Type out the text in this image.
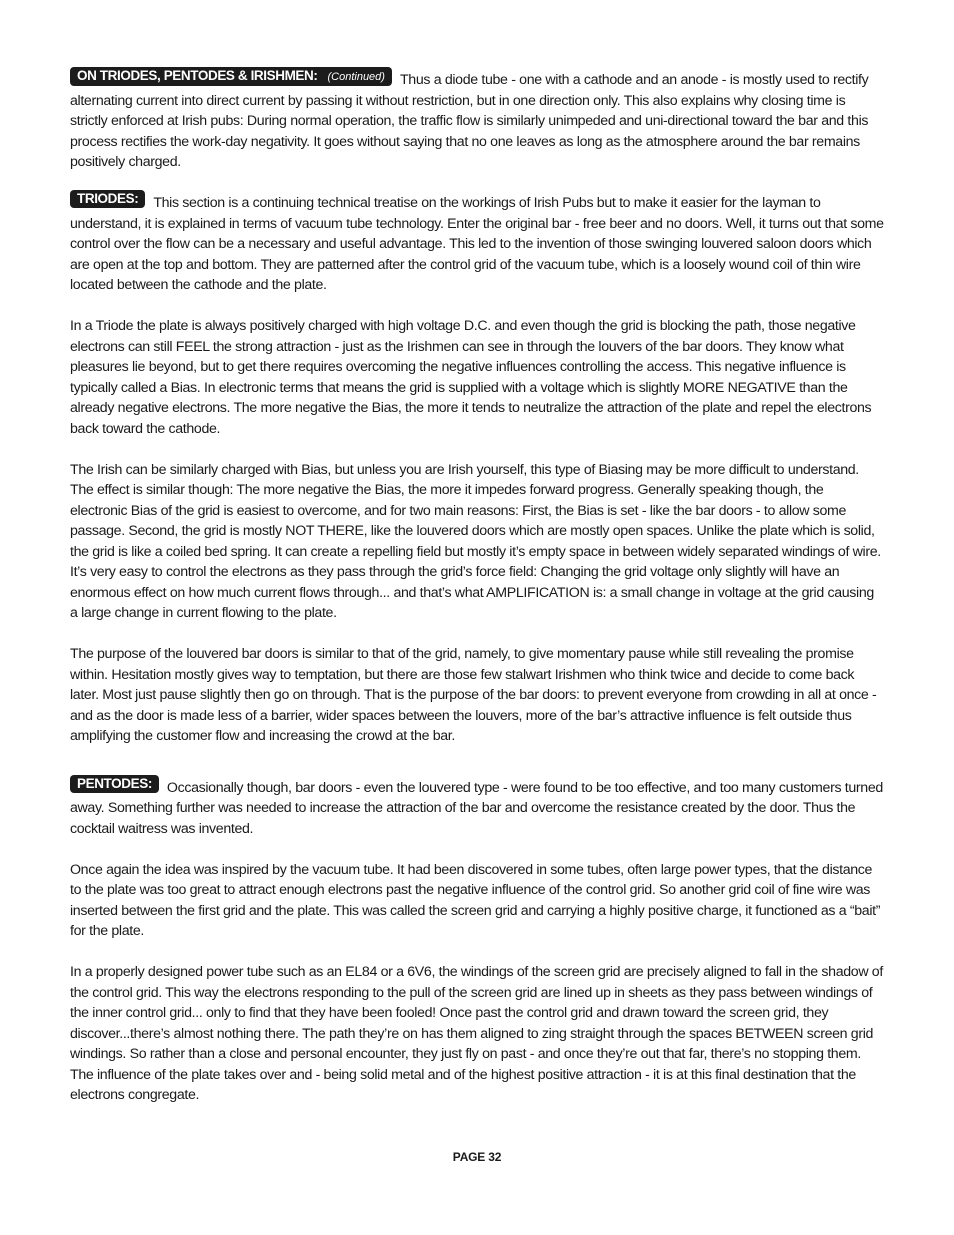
ON TRIODES, PENTODES & IRISHMEN: (Continued) Thus a diode tube - one with a cathode and an anode - is mostly used to rectify alternating current into direct current by passing it without restriction, but in one direction only. This also explains why closing time is strictly enforced at Irish pubs: During normal operation, the traffic flow is similarly unimpeded and uni-directional toward the bar and this process rectifies the work-day negativity. It goes without saying that no one leaves as long as the atmosphere around the bar remains positively charged.

TRIODES: This section is a continuing technical treatise on the workings of Irish Pubs but to make it easier for the layman to understand, it is explained in terms of vacuum tube technology. Enter the original bar - free beer and no doors. Well, it turns out that some control over the flow can be a necessary and useful advantage. This led to the invention of those swinging louvered saloon doors which are open at the top and bottom. They are patterned after the control grid of the vacuum tube, which is a loosely wound coil of thin wire located between the cathode and the plate.

In a Triode the plate is always positively charged with high voltage D.C. and even though the grid is blocking the path, those negative electrons can still FEEL the strong attraction - just as the Irishmen can see in through the louvers of the bar doors. They know what pleasures lie beyond, but to get there requires overcoming the negative influences controlling the access. This negative influence is typically called a Bias. In electronic terms that means the grid is supplied with a voltage which is slightly MORE NEGATIVE than the already negative electrons. The more negative the Bias, the more it tends to neutralize the attraction of the plate and repel the electrons back toward the cathode.

The Irish can be similarly charged with Bias, but unless you are Irish yourself, this type of Biasing may be more difficult to understand. The effect is similar though: The more negative the Bias, the more it impedes forward progress. Generally speaking though, the electronic Bias of the grid is easiest to overcome, and for two main reasons: First, the Bias is set - like the bar doors - to allow some passage. Second, the grid is mostly NOT THERE, like the louvered doors which are mostly open spaces. Unlike the plate which is solid, the grid is like a coiled bed spring. It can create a repelling field but mostly it’s empty space in between widely separated windings of wire. It’s very easy to control the electrons as they pass through the grid’s force field: Changing the grid voltage only slightly will have an enormous effect on how much current flows through... and that’s what AMPLIFICATION is: a small change in voltage at the grid causing a large change in current flowing to the plate.

The purpose of the louvered bar doors is similar to that of the grid, namely, to give momentary pause while still revealing the promise within. Hesitation mostly gives way to temptation, but there are those few stalwart Irishmen who think twice and decide to come back later. Most just pause slightly then go on through. That is the purpose of the bar doors: to prevent everyone from crowding in all at once - and as the door is made less of a barrier, wider spaces between the louvers, more of the bar’s attractive influence is felt outside thus amplifying the customer flow and increasing the crowd at the bar.

PENTODES: Occasionally though, bar doors - even the louvered type - were found to be too effective, and too many customers turned away. Something further was needed to increase the attraction of the bar and overcome the resistance created by the door. Thus the cocktail waitress was invented.

Once again the idea was inspired by the vacuum tube. It had been discovered in some tubes, often large power types, that the distance to the plate was too great to attract enough electrons past the negative influence of the control grid. So another grid coil of fine wire was inserted between the first grid and the plate. This was called the screen grid and carrying a highly positive charge, it functioned as a “bait” for the plate.

In a properly designed power tube such as an EL84 or a 6V6, the windings of the screen grid are precisely aligned to fall in the shadow of the control grid. This way the electrons responding to the pull of the screen grid are lined up in sheets as they pass between windings of the inner control grid... only to find that they have been fooled! Once past the control grid and drawn toward the screen grid, they discover...there’s almost nothing there. The path they’re on has them aligned to zing straight through the spaces BETWEEN screen grid windings. So rather than a close and personal encounter, they just fly on past - and once they’re out that far, there’s no stopping them. The influence of the plate takes over and - being solid metal and of the highest positive attraction - it is at this final destination that the electrons congregate.

PAGE 32
